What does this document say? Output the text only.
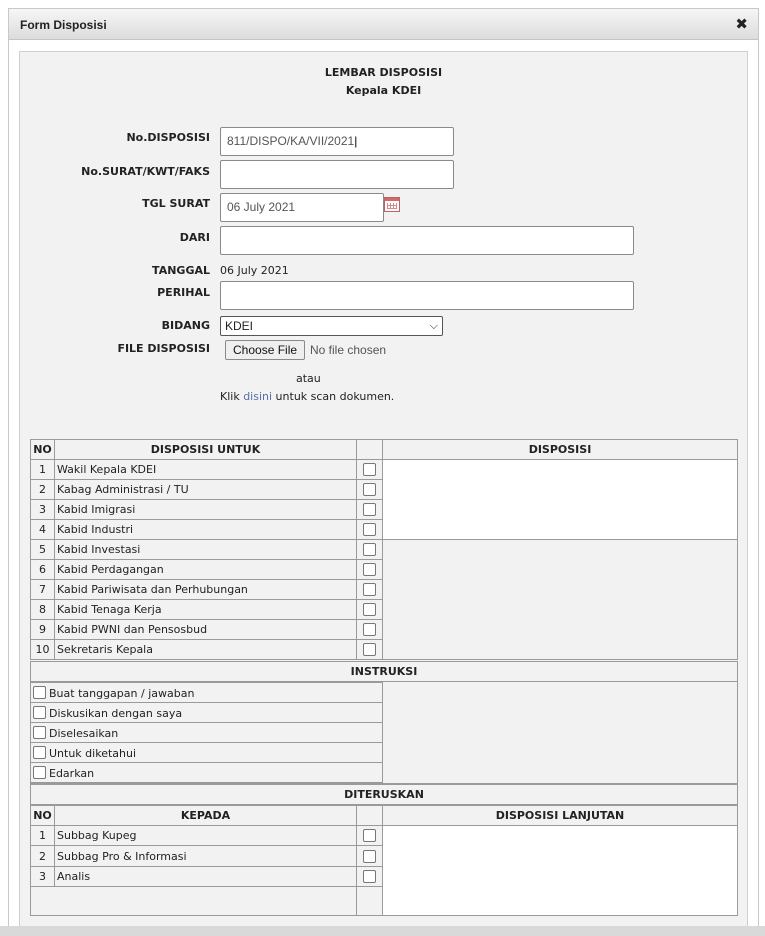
Form Disposisi	✖
LEMBAR DISPOSISI
Kepala KDEI
No.DISPOSISI	811/DISPO/KA/VII/2021|
No.SURAT/KWT/FAKS
TGL SURAT	06 July 2021
DARI
TANGGAL 06 July 2021
PERIHAL
BIDANG	KDEI	⌵
FILE DISPOSISI	Choose File	No file chosen
atau
Klik disini untuk scan dokumen.
NO	DISPOSISI UNTUK		DISPOSISI
1	Wakil Kepala KDEI		
2	Kabag Administrasi / TU		
3	Kabid Imigrasi		
4	Kabid Industri		
5	Kabid Investasi		
6	Kabid Perdagangan		
7	Kabid Pariwisata dan Perhubungan		
8	Kabid Tenaga Kerja		
9	Kabid PWNI dan Pensosbud		
10	Sekretaris Kepala		
INSTRUKSI
Buat tanggapan / jawaban
Diskusikan dengan saya
Diselesaikan
Untuk diketahui
Edarkan
DITERUSKAN
NO	KEPADA		DISPOSISI LANJUTAN
1	Subbag Kupeg		
2	Subbag Pro & Informasi		
3	Analis		
